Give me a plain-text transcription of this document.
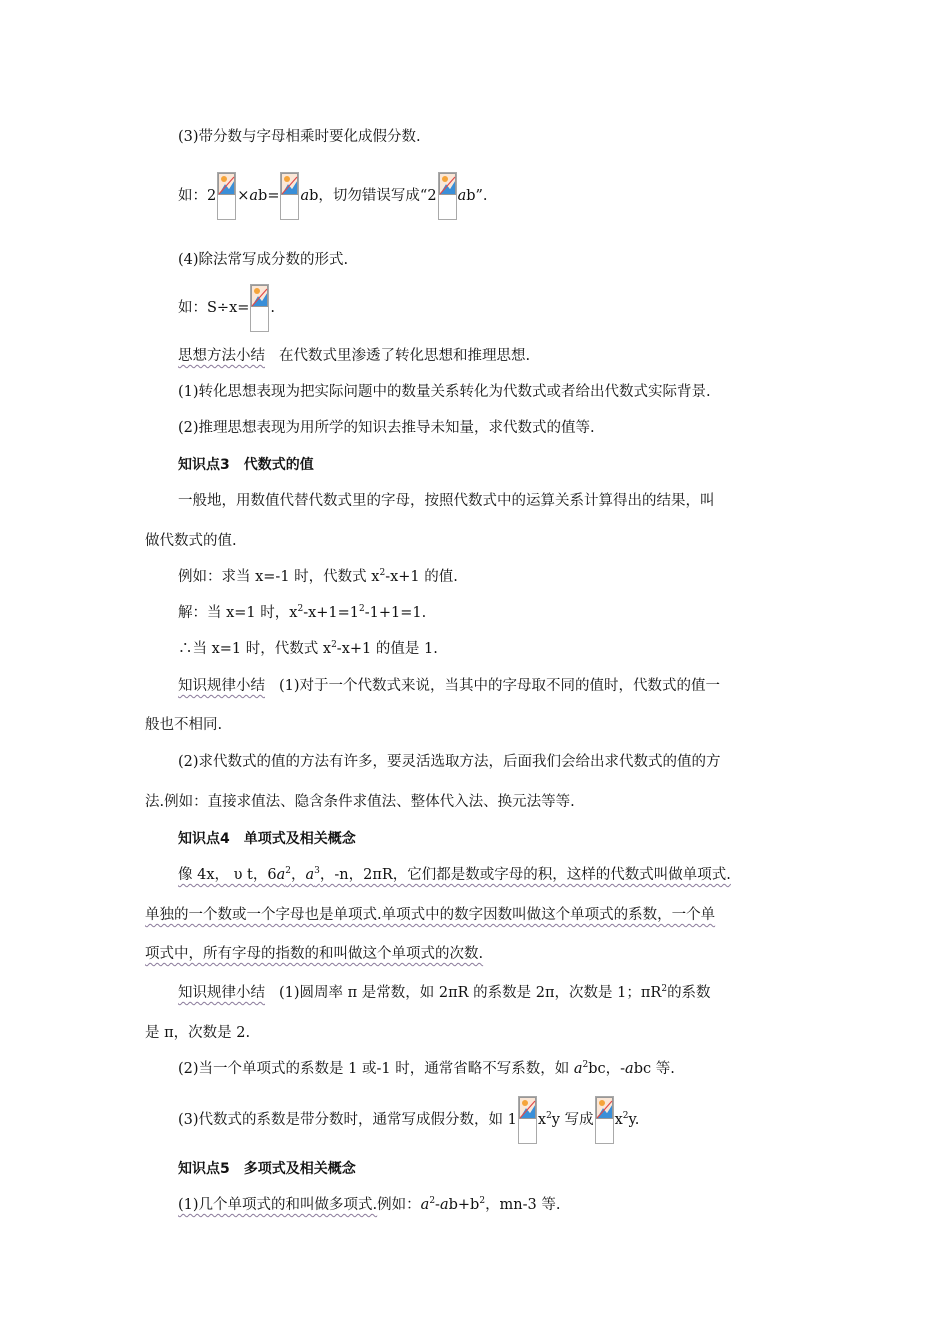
(3)带分数与字母相乘时要化成假分数.
如：2 ×ab= ab，切勿错误写成“2 ab”.
(4)除法常写成分数的形式.
如：S÷x= .
思想方法小结 在代数式里渗透了转化思想和推理思想.
(1)转化思想表现为把实际问题中的数量关系转化为代数式或者给出代数式实际背景.
(2)推理思想表现为用所学的知识去推导未知量，求代数式的值等.
知识点3 代数式的值
一般地，用数值代替代数式里的字母，按照代数式中的运算关系计算得出的结果，叫
做代数式的值.
例如：求当 x=-1 时，代数式 $x^2-x+1$ 的值.
解：当 x=1 时，$x^2-x+1=1^2-1+1=1$.
∴当 x=1 时，代数式 $x^2-x+1$ 的值是 1.
知识规律小结 (1)对于一个代数式来说，当其中的字母取不同的值时，代数式的值一
般也不相同.
(2)求代数式的值的方法有许多，要灵活选取方法，后面我们会给出求代数式的值的方
法.例如：直接求值法、隐含条件求值法、整体代入法、换元法等等.
知识点4 单项式及相关概念
像 4x， υ t，$6a^2$，$a^3$，-n，2πR，它们都是数或字母的积，这样的代数式叫做单项式.
单独的一个数或一个字母也是单项式.单项式中的数字因数叫做这个单项式的系数，一个单
项式中，所有字母的指数的和叫做这个单项式的次数.
知识规律小结 (1)圆周率 π 是常数，如 2πR 的系数是 2π，次数是 1；$\pi R^2$的系数
是 π，次数是 2.
(2)当一个单项式的系数是 1 或-1 时，通常省略不写系数，如 $a^2bc$，-abc 等.
(3)代数式的系数是带分数时，通常写成假分数，如 1 $x^2y$ 写成 $x^2y$.
知识点5 多项式及相关概念
(1)几个单项式的和叫做多项式.例如：$a^2-ab+b^2$，mn-3 等.
